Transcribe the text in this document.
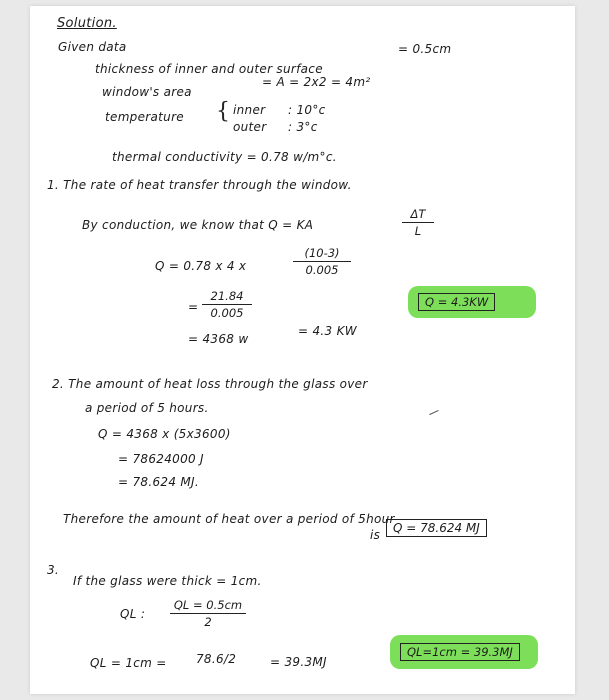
Solution.
Given data
thickness of inner and outer surface
= 0.5cm
window's area
= A = 2x2 = 4m²
temperature { inner : 10°c
outer : 3°c
thermal conductivity = 0.78 w/m°c.
1. The rate of heat transfer through the window.
By conduction, we know that Q = KA	$\frac{\Delta T}{L}$
Q = 0.78 x 4 x	$\frac{(10-3)}{0.005}$
= $\frac{21.84}{0.005}$
= 4368 w
= 4.3 KW
Q = 4.3KW
2. The amount of heat loss through the glass over
a period of 5 hours.
Q = 4368 x (5x3600)
= 78624000 J
= 78.624 MJ.
Therefore the amount of heat over a period of 5hour
is	Q = 78.624 MJ
3.
If the glass were thick = 1cm.
QL : $\frac{QL = 0.5cm}{2}$
QL = 1cm = 78.6/2	= 39.3MJ
QL=1cm = 39.3MJ
